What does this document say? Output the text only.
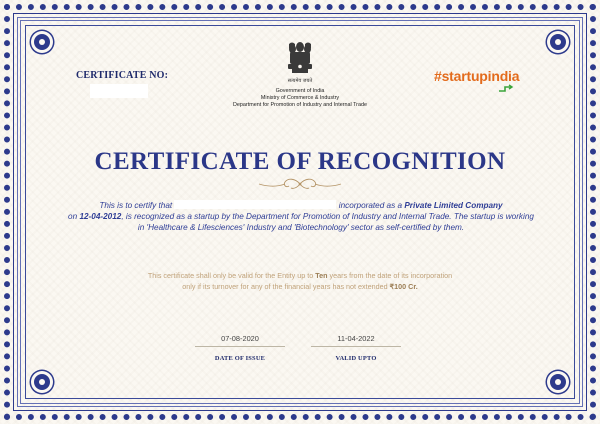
CERTIFICATE NO:	सत्यमेव जयते
Government of India
Ministry of Commerce & Industry
Department for Promotion of Industry and Internal Trade
#startupindia
CERTIFICATE OF RECOGNITION
This is to certify that	incorporated as a Private Limited Company
on 12-04-2012, is recognized as a startup by the Department for Promotion of Industry and Internal Trade. The startup is working in 'Healthcare & Lifesciences' Industry and 'Biotechnology' sector as self-certified by them.
This certificate shall only be valid for the Entity up to Ten years from the date of its incorporation
only if its turnover for any of the financial years has not extended ₹100 Cr.
07-08-2020
DATE OF ISSUE
11-04-2022
VALID UPTO
